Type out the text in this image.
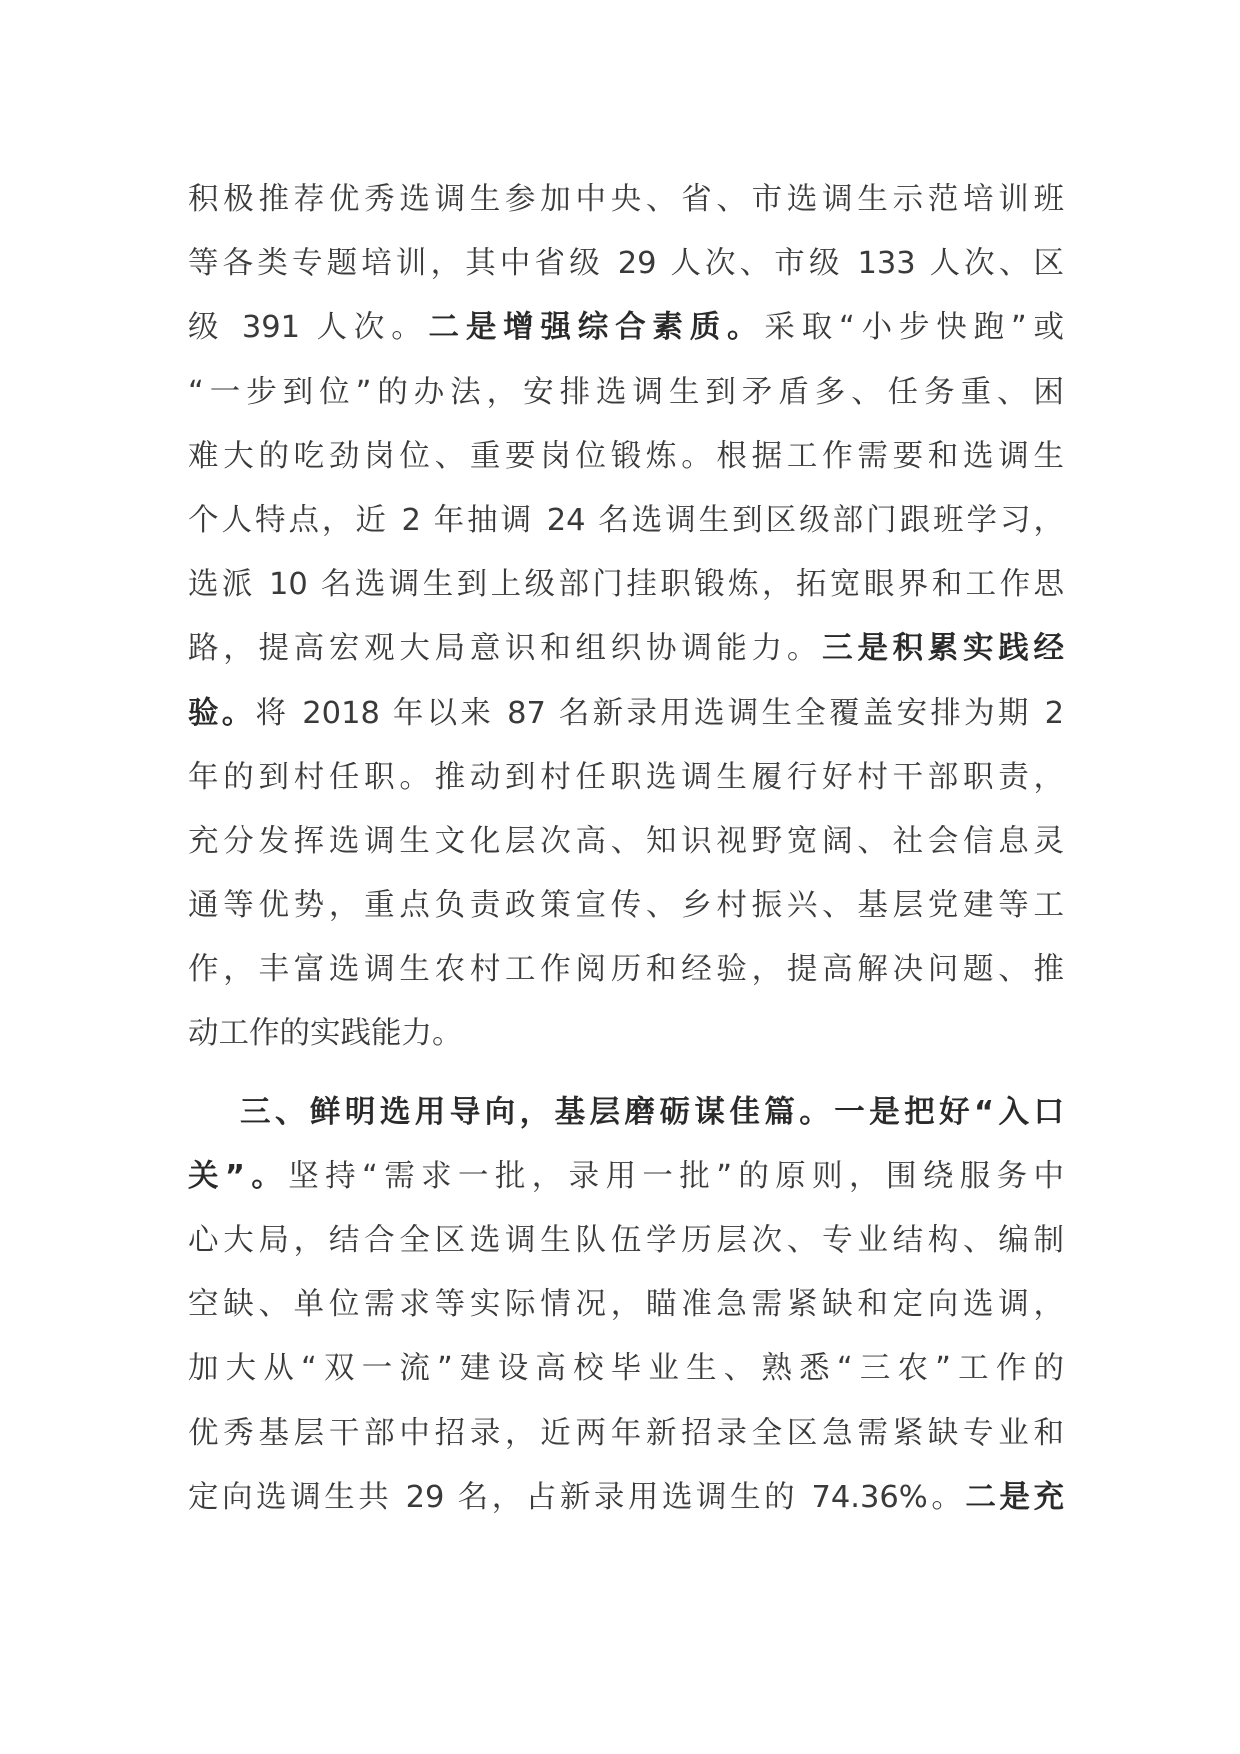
积极推荐优秀选调生参加中央、省、市选调生示范培训班
等各类专题培训，其中省级 29 人次、市级 133 人次、区
级 391 人次。二是增强综合素质。采取“小步快跑”或
“一步到位”的办法，安排选调生到矛盾多、任务重、困
难大的吃劲岗位、重要岗位锻炼。根据工作需要和选调生
个人特点，近 2 年抽调 24 名选调生到区级部门跟班学习，
选派 10 名选调生到上级部门挂职锻炼，拓宽眼界和工作思
路，提高宏观大局意识和组织协调能力。三是积累实践经
验。将 2018 年以来 87 名新录用选调生全覆盖安排为期 2
年的到村任职。推动到村任职选调生履行好村干部职责，
充分发挥选调生文化层次高、知识视野宽阔、社会信息灵
通等优势，重点负责政策宣传、乡村振兴、基层党建等工
作，丰富选调生农村工作阅历和经验，提高解决问题、推
动工作的实践能力。
三、鲜明选用导向，基层磨砺谋佳篇。一是把好“入口
关”。坚持“需求一批，录用一批”的原则，围绕服务中
心大局，结合全区选调生队伍学历层次、专业结构、编制
空缺、单位需求等实际情况，瞄准急需紧缺和定向选调，
加大从“双一流”建设高校毕业生、熟悉“三农”工作的
优秀基层干部中招录，近两年新招录全区急需紧缺专业和
定向选调生共 29 名，占新录用选调生的 74.36%。二是充
